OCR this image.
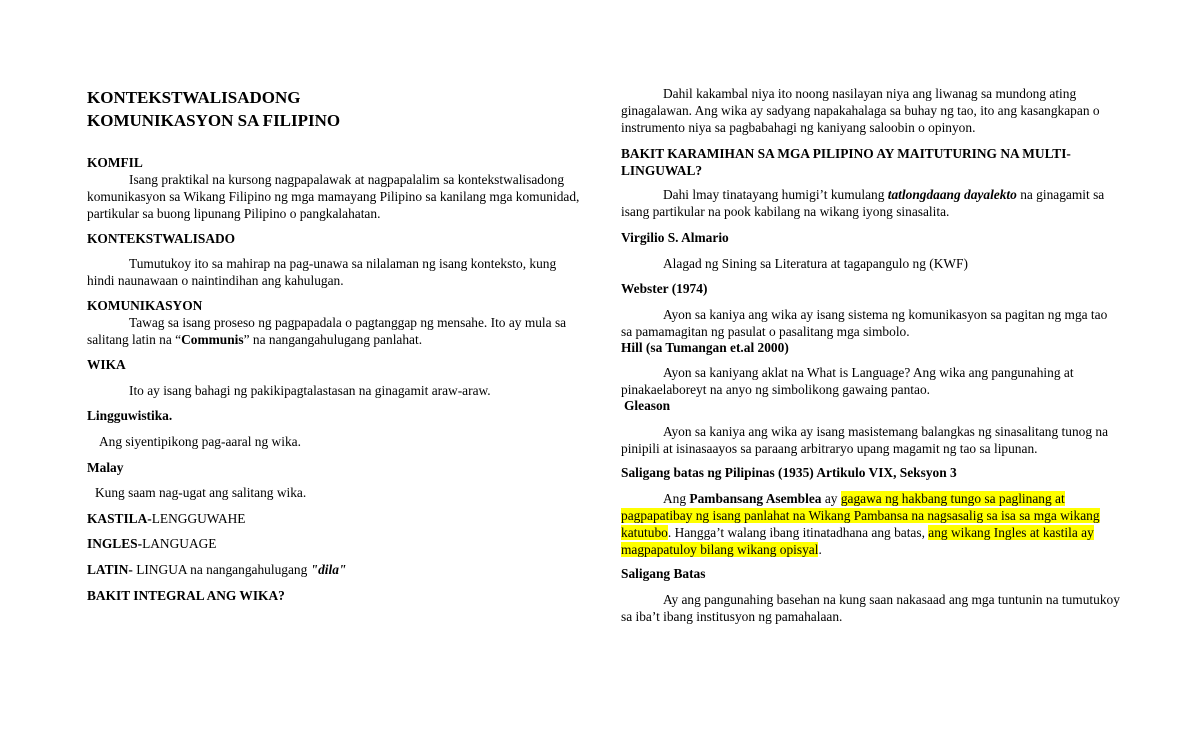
KONTEKSTWALISADONG
KOMUNIKASYON SA FILIPINO
KOMFIL
Isang praktikal na kursong nagpapalawak at nagpapalalim sa kontekstwalisadong komunikasyon sa Wikang Filipino ng mga mamayang Pilipino sa kanilang mga komunidad, partikular sa buong lipunang Pilipino o pangkalahatan.
KONTEKSTWALISADO
Tumutukoy ito sa mahirap na pag-unawa sa nilalaman ng isang konteksto, kung hindi naunawaan o naintindihan ang kahulugan.
KOMUNIKASYON
Tawag sa isang proseso ng pagpapadala o pagtanggap ng mensahe. Ito ay mula sa salitang latin na “Communis” na nangangahulugang panlahat.
WIKA
Ito ay isang bahagi ng pakikipagtalastasan na ginagamit araw-araw.
Lingguwistika.
Ang siyentipikong pag-aaral ng wika.
Malay
Kung saam nag-ugat ang salitang wika.
KASTILA-LENGGUWAHE
INGLES-LANGUAGE
LATIN- LINGUA na nangangahulugang "dila"
BAKIT INTEGRAL ANG WIKA?
Dahil kakambal niya ito noong nasilayan niya ang liwanag sa mundong ating ginagalawan. Ang wika ay sadyang napakahalaga sa buhay ng tao, ito ang kasangkapan o instrumento niya sa pagbabahagi ng kaniyang saloobin o opinyon.
BAKIT KARAMIHAN SA MGA PILIPINO AY MAITUTURING NA MULTI-LINGUWAL?
Dahi lmay tinatayang humigi’t kumulang tatlongdaang dayalekto na ginagamit sa isang partikular na pook kabilang na wikang iyong sinasalita.
Virgilio S. Almario
Alagad ng Sining sa Literatura at tagapangulo ng (KWF)
Webster (1974)
Ayon sa kaniya ang wika ay isang sistema ng komunikasyon sa pagitan ng mga tao sa pamamagitan ng pasulat o pasalitang mga simbolo.
Hill (sa Tumangan et.al 2000)
Ayon sa kaniyang aklat na What is Language? Ang wika ang pangunahing at pinakaelaboreyt na anyo ng simbolikong gawaing pantao.
Gleason
Ayon sa kaniya ang wika ay isang masistemang balangkas ng sinasalitang tunog na pinipili at isinasaayos sa paraang arbitraryo upang magamit ng tao sa lipunan.
Saligang batas ng Pilipinas (1935) Artikulo VIX, Seksyon 3
Ang Pambansang Asemblea ay gagawa ng hakbang tungo sa paglinang at pagpapatibay ng isang panlahat na Wikang Pambansa na nagsasalig sa isa sa mga wikang katutubo. Hangga’t walang ibang itinatadhana ang batas, ang wikang Ingles at kastila ay magpapatuloy bilang wikang opisyal.
Saligang Batas
Ay ang pangunahing basehan na kung saan nakasaad ang mga tuntunin na tumutukoy sa iba’t ibang institusyon ng pamahalaan.
